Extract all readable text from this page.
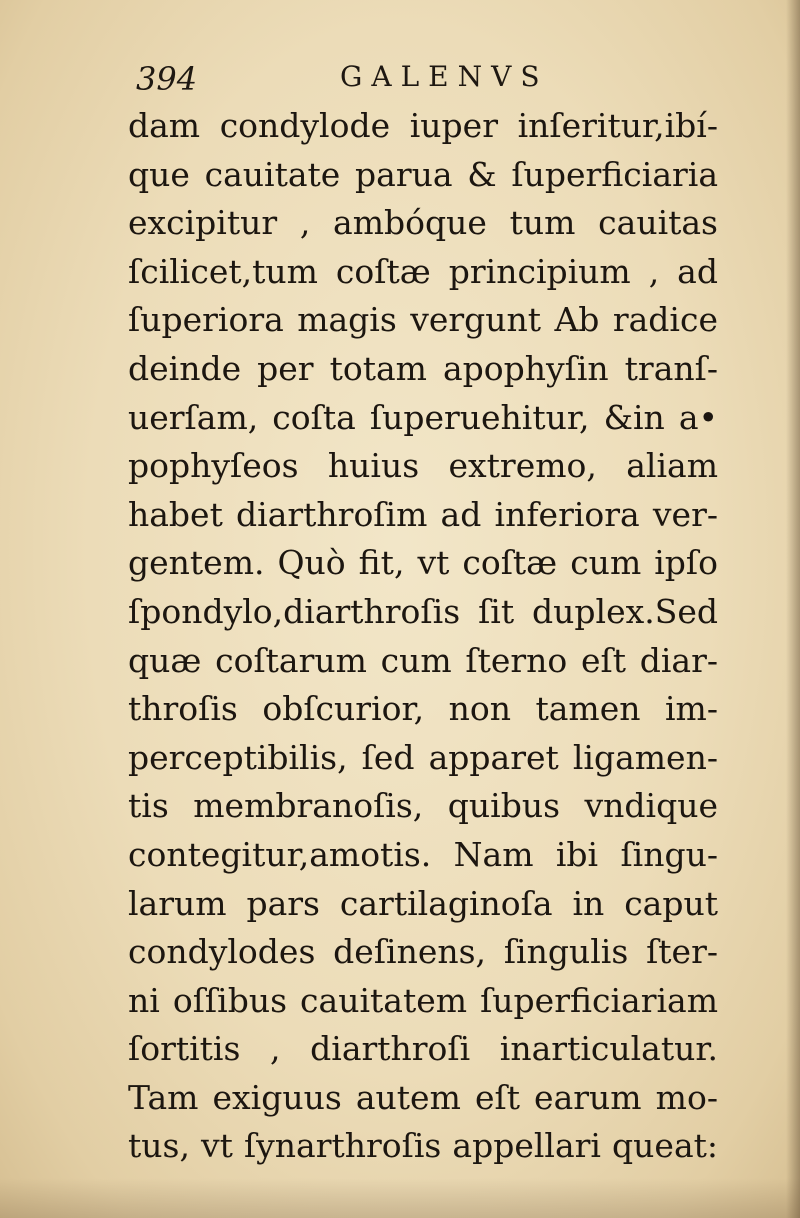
394	GALENVS
dam condylode iuper inſeritur,ibí-
que cauitate parua & ſuperficiaria
excipitur , ambóque tum cauitas
ſcilicet,tum coſtæ principium , ad
ſuperiora magis vergunt Ab radice
deinde per totam apophyſin tranſ-
uerſam, coſta ſuperuehitur, &in a•
pophyſeos huius extremo, aliam
habet diarthroſim ad inferiora ver-
gentem. Quò fit, vt coſtæ cum ipſo
ſpondylo,diarthroſis ſit duplex.Sed
quæ coſtarum cum ſterno eſt diar-
throſis obſcurior, non tamen im-
perceptibilis, ſed apparet ligamen-
tis membranoſis, quibus vndique
contegitur,amotis. Nam ibi ſingu-
larum pars cartilaginoſa in caput
condylodes deſinens, ſingulis ſter-
ni oſſibus cauitatem ſuperficiariam
ſortitis , diarthroſi inarticulatur.
Tam exiguus autem eſt earum mo-
tus, vt ſynarthroſis appellari queat:
